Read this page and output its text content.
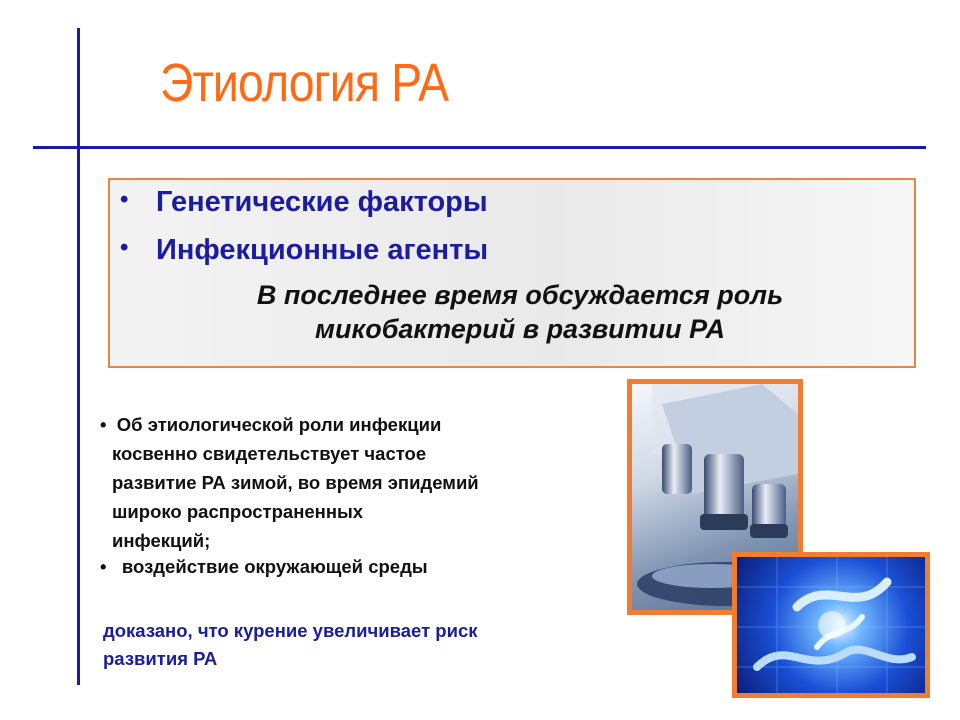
Этиология РА
• Генетические факторы
• Инфекционные агенты
В последнее время обсуждается роль
микобактерий в развитии РА
•  Об этиологической роли инфекции
косвенно свидетельствует частое
развитие РА зимой, во время эпидемий
широко распространенных
инфекций;
• воздействие окружающей среды
доказано, что курение увеличивает риск
развития РА
